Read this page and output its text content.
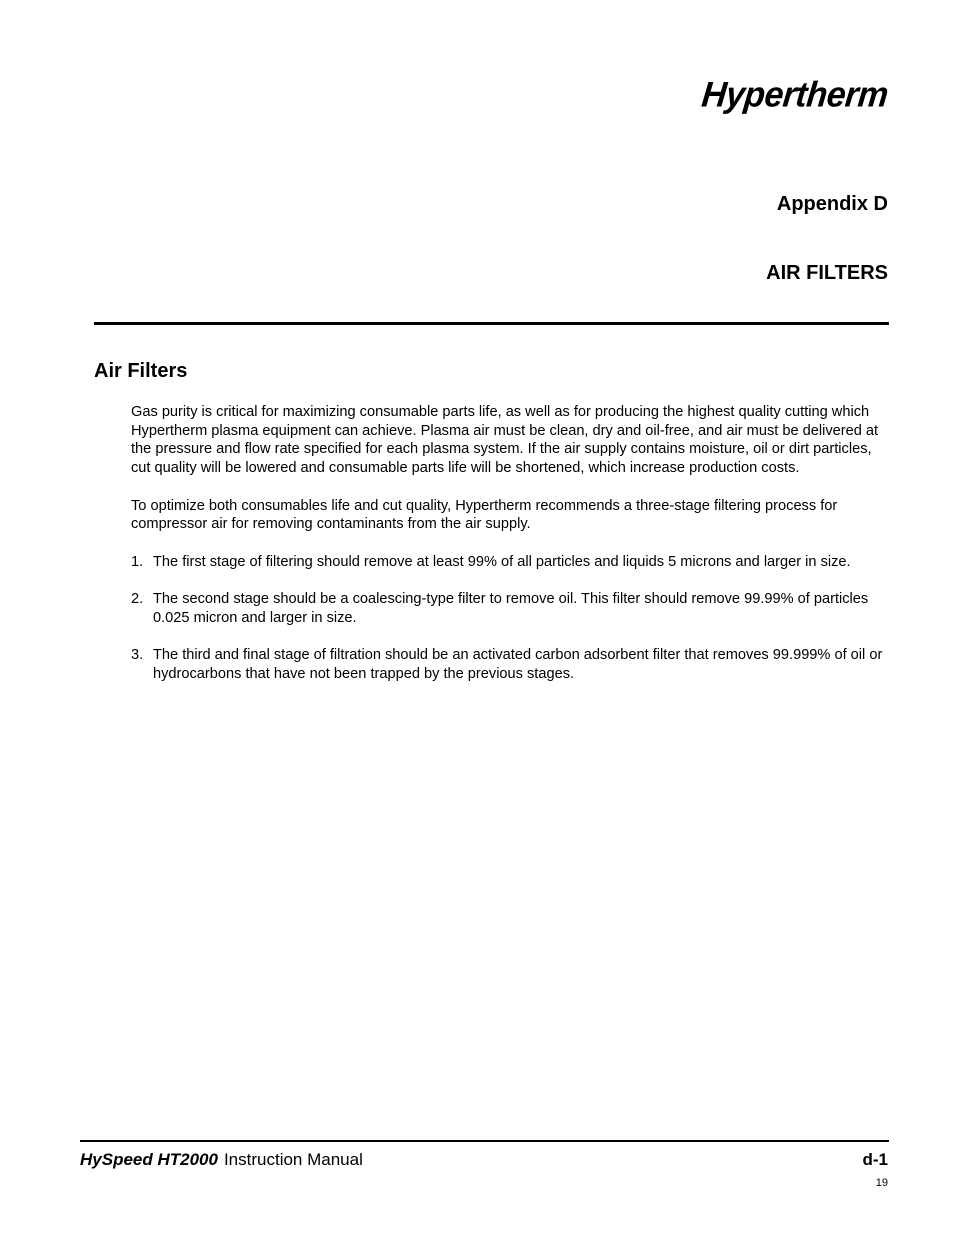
Hypertherm
Appendix D
AIR FILTERS
Air Filters

Gas purity is critical for maximizing consumable parts life, as well as for producing the highest quality cutting which Hypertherm plasma equipment can achieve. Plasma air must be clean, dry and oil-free, and air must be delivered at the pressure and flow rate specified for each plasma system. If the air supply contains moisture, oil or dirt particles, cut quality will be lowered and consumable parts life will be shortened, which increase production costs.

To optimize both consumables life and cut quality, Hypertherm recommends a three-stage filtering process for compressor air for removing contaminants from the air supply.

1. The first stage of filtering should remove at least 99% of all particles and liquids 5 microns and larger in size.
2. The second stage should be a coalescing-type filter to remove oil. This filter should remove 99.99% of particles 0.025 micron and larger in size.
3. The third and final stage of filtration should be an activated carbon adsorbent filter that removes 99.999% of oil or hydrocarbons that have not been trapped by the previous stages.
HySpeed HT2000 Instruction Manual	d-1
19
